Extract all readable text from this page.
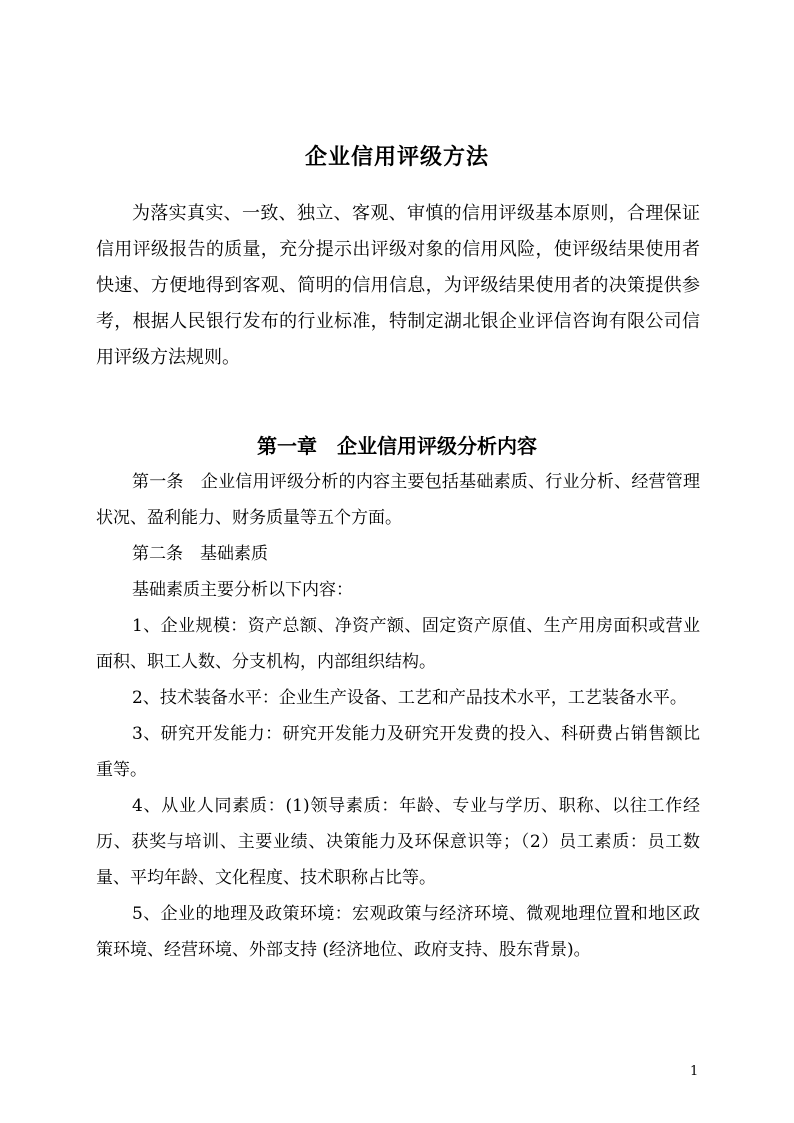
企业信用评级方法

为落实真实、一致、独立、客观、审慎的信用评级基本原则，合理保证信用评级报告的质量，充分提示出评级对象的信用风险，使评级结果使用者快速、方便地得到客观、简明的信用信息，为评级结果使用者的决策提供参考，根据人民银行发布的行业标准，特制定湖北银企业评信咨询有限公司信用评级方法规则。

第一章　企业信用评级分析内容

第一条　企业信用评级分析的内容主要包括基础素质、行业分析、经营管理状况、盈利能力、财务质量等五个方面。

第二条　基础素质

基础素质主要分析以下内容：

1、企业规模：资产总额、净资产额、固定资产原值、生产用房面积或营业面积、职工人数、分支机构，内部组织结构。

2、技术装备水平：企业生产设备、工艺和产品技术水平，工艺装备水平。

3、研究开发能力：研究开发能力及研究开发费的投入、科研费占销售额比重等。

4、从业人同素质：(1)领导素质：年龄、专业与学历、职称、以往工作经历、获奖与培训、主要业绩、决策能力及环保意识等；（2）员工素质：员工数量、平均年龄、文化程度、技术职称占比等。

5、企业的地理及政策环境：宏观政策与经济环境、微观地理位置和地区政策环境、经营环境、外部支持 (经济地位、政府支持、股东背景)。

1
